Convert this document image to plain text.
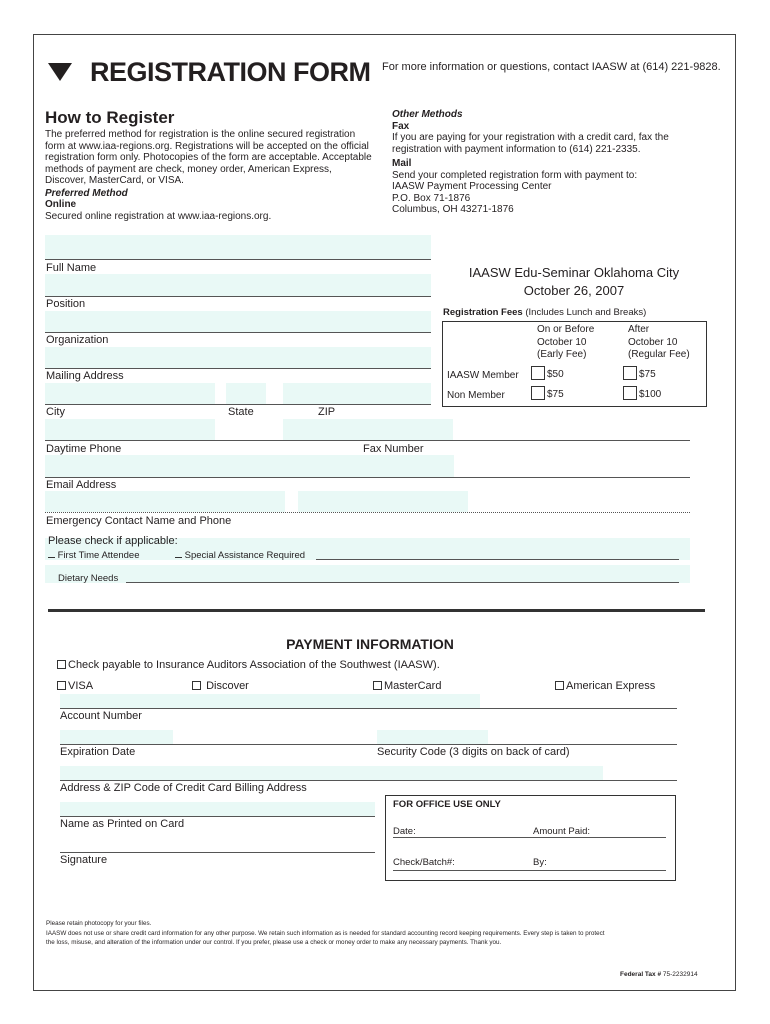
REGISTRATION FORM For more information or questions, contact IAASW at (614) 221-9828.
How to Register
The preferred method for registration is the online secured registration
form at www.iaa-regions.org. Registrations will be accepted on the official
registration form only. Photocopies of the form are acceptable. Acceptable
methods of payment are check, money order, American Express,
Discover, MasterCard, or VISA.
Preferred Method
Online
Secured online registration at www.iaa-regions.org.
Other Methods
Fax
If you are paying for your registration with a credit card, fax the
registration with payment information to (614) 221-2335.
Mail
Send your completed registration form with payment to:
IAASW Payment Processing Center
P.O. Box 71-1876
Columbus, OH 43271-1876
Full Name
Position
Organization
Mailing Address
City	State	ZIP
Daytime Phone	Fax Number
Email Address
Emergency Contact Name and Phone
Please check if applicable:
First Time Attendee	Special Assistance Required
Dietary Needs
IAASW Edu-Seminar Oklahoma City
October 26, 2007
Registration Fees (Includes Lunch and Breaks)
On or Before
October 10
(Early Fee)
After
October 10
(Regular Fee)
IAASW Member	$50	$75
Non Member	$75	$100
PAYMENT INFORMATION
Check payable to Insurance Auditors Association of the Southwest (IAASW).
VISA	Discover	MasterCard	American Express
Account Number
Expiration Date	Security Code (3 digits on back of card)
Address & ZIP Code of Credit Card Billing Address
Name as Printed on Card
Signature
FOR OFFICE USE ONLY
Date:	Amount Paid:
Check/Batch#:	By:
Please retain photocopy for your files.
IAASW does not use or share credit card information for any other purpose. We retain such information as is needed for standard accounting record keeping requirements. Every step is taken to protect
the loss, misuse, and alteration of the information under our control. If you prefer, please use a check or money order to make any necessary payments. Thank you.
Federal Tax # 75-2232914
